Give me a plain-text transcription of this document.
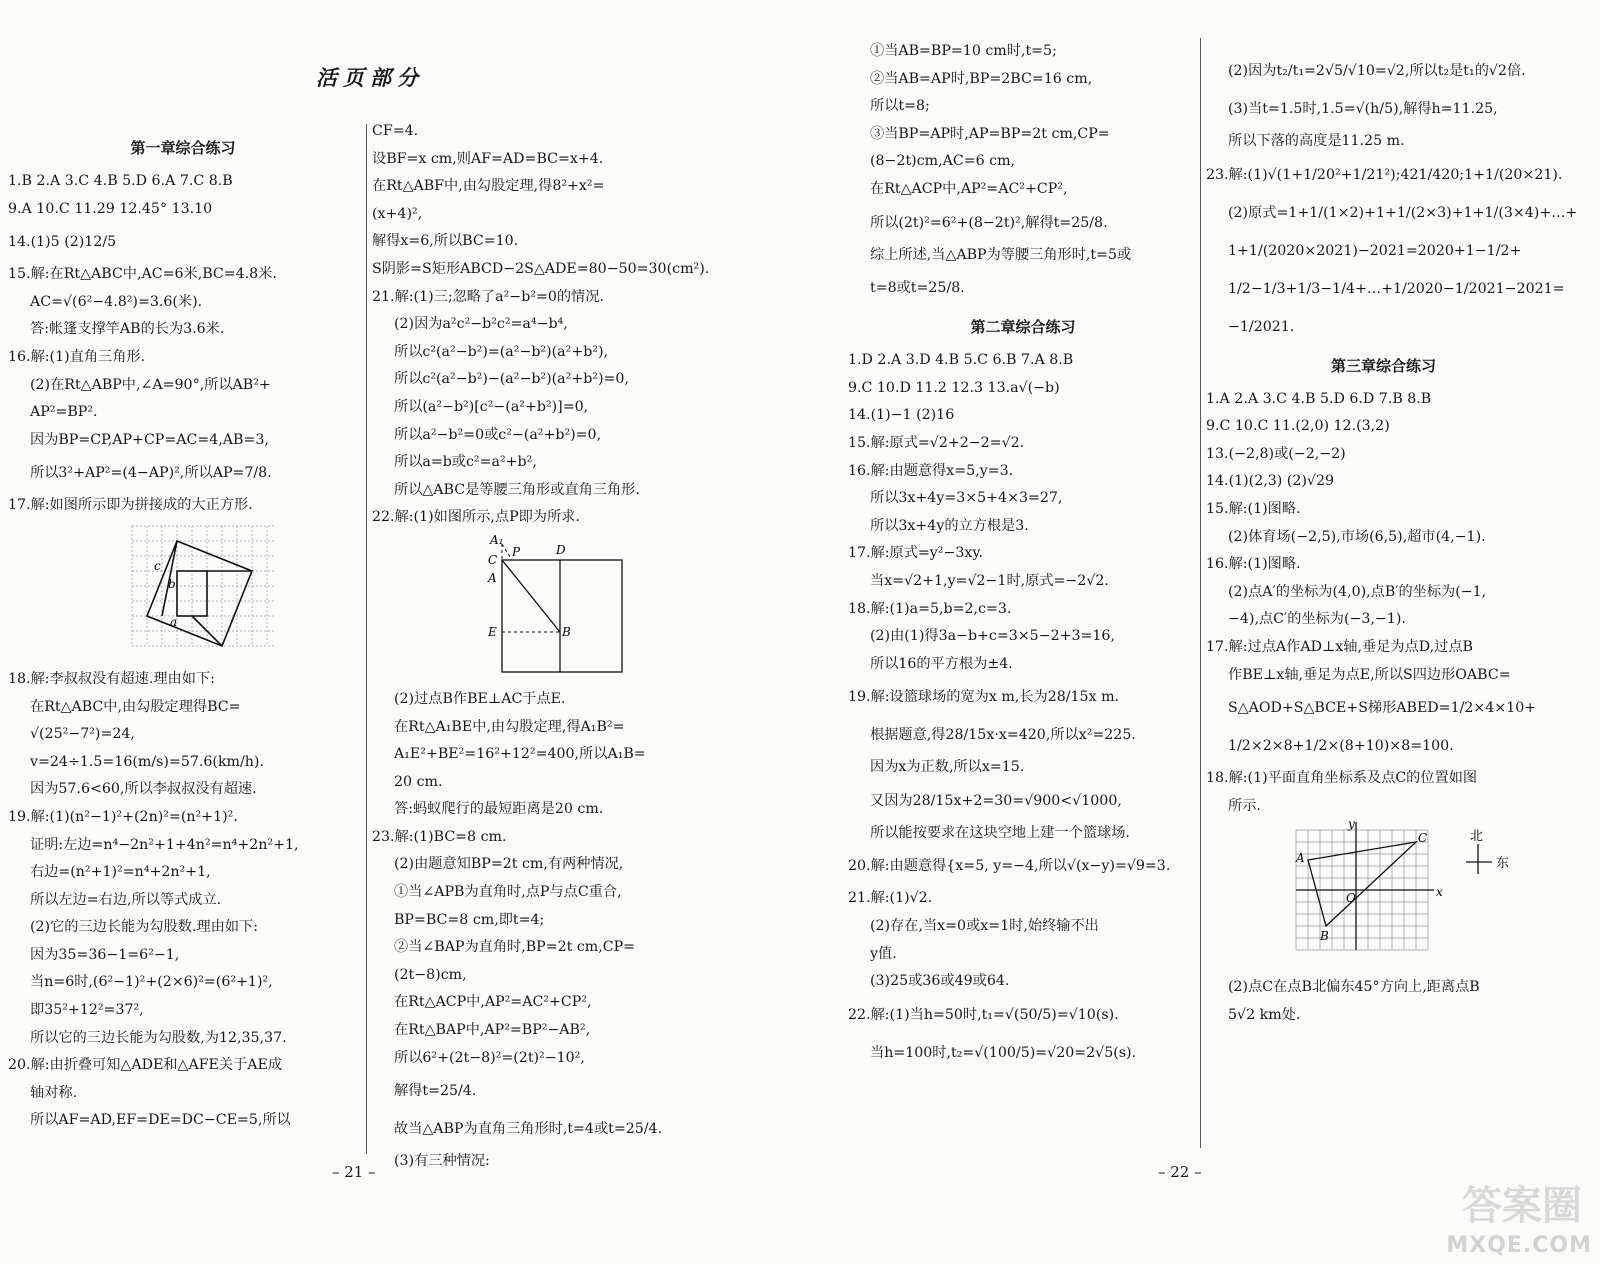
活页部分
第一章综合练习
1.B 2.A 3.C 4.B 5.D 6.A 7.C 8.B
9.A 10.C 11.29 12.45° 13.10
14.(1)5 (2)12/5
15.解:在Rt△ABC中,AC=6米,BC=4.8米.
AC=√(6²−4.8²)=3.6(米).
答:帐篷支撑竿AB的长为3.6米.
16.解:(1)直角三角形.
(2)在Rt△ABP中,∠A=90°,所以AB²+
AP²=BP².
因为BP=CP,AP+CP=AC=4,AB=3,
所以3²+AP²=(4−AP)²,所以AP=7/8.
17.解:如图所示即为拼接成的大正方形.
c
b
a
18.解:李叔叔没有超速.理由如下:
在Rt△ABC中,由勾股定理得BC=
√(25²−7²)=24,
v=24÷1.5=16(m/s)=57.6(km/h).
因为57.6<60,所以李叔叔没有超速.
19.解:(1)(n²−1)²+(2n)²=(n²+1)².
证明:左边=n⁴−2n²+1+4n²=n⁴+2n²+1,
右边=(n²+1)²=n⁴+2n²+1,
所以左边=右边,所以等式成立.
(2)它的三边长能为勾股数.理由如下:
因为35=36−1=6²−1,
当n=6时,(6²−1)²+(2×6)²=(6²+1)²,
即35²+12²=37²,
所以它的三边长能为勾股数,为12,35,37.
20.解:由折叠可知△ADE和△AFE关于AE成
轴对称.
所以AF=AD,EF=DE=DC−CE=5,所以
CF=4.
设BF=x cm,则AF=AD=BC=x+4.
在Rt△ABF中,由勾股定理,得8²+x²=
(x+4)²,
解得x=6,所以BC=10.
S阴影=S矩形ABCD−2S△ADE=80−50=30(cm²).
21.解:(1)三;忽略了a²−b²=0的情况.
(2)因为a²c²−b²c²=a⁴−b⁴,
所以c²(a²−b²)=(a²−b²)(a²+b²),
所以c²(a²−b²)−(a²−b²)(a²+b²)=0,
所以(a²−b²)[c²−(a²+b²)]=0,
所以a²−b²=0或c²−(a²+b²)=0,
所以a=b或c²=a²+b²,
所以△ABC是等腰三角形或直角三角形.
22.解:(1)如图所示,点P即为所求.
A₁
P	D
C
A
E	B
(2)过点B作BE⊥AC于点E.
在Rt△A₁BE中,由勾股定理,得A₁B²=
A₁E²+BE²=16²+12²=400,所以A₁B=
20 cm.
答:蚂蚁爬行的最短距离是20 cm.
23.解:(1)BC=8 cm.
(2)由题意知BP=2t cm,有两种情况,
①当∠APB为直角时,点P与点C重合,
BP=BC=8 cm,即t=4;
②当∠BAP为直角时,BP=2t cm,CP=
(2t−8)cm,
在Rt△ACP中,AP²=AC²+CP²,
在Rt△BAP中,AP²=BP²−AB²,
所以6²+(2t−8)²=(2t)²−10²,
解得t=25/4.
故当△ABP为直角三角形时,t=4或t=25/4.
(3)有三种情况:
– 21 –
①当AB=BP=10 cm时,t=5;
②当AB=AP时,BP=2BC=16 cm,
所以t=8;
③当BP=AP时,AP=BP=2t cm,CP=
(8−2t)cm,AC=6 cm,
在Rt△ACP中,AP²=AC²+CP²,
所以(2t)²=6²+(8−2t)²,解得t=25/8.
综上所述,当△ABP为等腰三角形时,t=5或
t=8或t=25/8.
第二章综合练习
1.D 2.A 3.D 4.B 5.C 6.B 7.A 8.B
9.C 10.D 11.2 12.3 13.a√(−b)
14.(1)−1 (2)16
15.解:原式=√2+2−2=√2.
16.解:由题意得x=5,y=3.
所以3x+4y=3×5+4×3=27,
所以3x+4y的立方根是3.
17.解:原式=y²−3xy.
当x=√2+1,y=√2−1时,原式=−2√2.
18.解:(1)a=5,b=2,c=3.
(2)由(1)得3a−b+c=3×5−2+3=16,
所以16的平方根为±4.
19.解:设篮球场的宽为x m,长为28/15x m.
根据题意,得28/15x·x=420,所以x²=225.
因为x为正数,所以x=15.
又因为28/15x+2=30=√900<√1000,
所以能按要求在这块空地上建一个篮球场.
20.解:由题意得{x=5, y=−4,所以√(x−y)=√9=3.
21.解:(1)√2.
(2)存在,当x=0或x=1时,始终输不出
y值.
(3)25或36或49或64.
22.解:(1)当h=50时,t₁=√(50/5)=√10(s).
当h=100时,t₂=√(100/5)=√20=2√5(s).
(2)因为t₂/t₁=2√5/√10=√2,所以t₂是t₁的√2倍.
(3)当t=1.5时,1.5=√(h/5),解得h=11.25,
所以下落的高度是11.25 m.
23.解:(1)√(1+1/20²+1/21²);421/420;1+1/(20×21).
(2)原式=1+1/(1×2)+1+1/(2×3)+1+1/(3×4)+…+
1+1/(2020×2021)−2021=2020+1−1/2+
1/2−1/3+1/3−1/4+…+1/2020−1/2021−2021=
−1/2021.
第三章综合练习
1.A 2.A 3.C 4.B 5.D 6.D 7.B 8.B
9.C 10.C 11.(2,0) 12.(3,2)
13.(−2,8)或(−2,−2)
14.(1)(2,3) (2)√29
15.解:(1)图略.
(2)体育场(−2,5),市场(6,5),超市(4,−1).
16.解:(1)图略.
(2)点A′的坐标为(4,0),点B′的坐标为(−1,
−4),点C′的坐标为(−3,−1).
17.解:过点A作AD⊥x轴,垂足为点D,过点B
作BE⊥x轴,垂足为点E,所以S四边形OABC=
S△AOD+S△BCE+S梯形ABED=1/2×4×10+
1/2×2×8+1/2×(8+10)×8=100.
18.解:(1)平面直角坐标系及点C的位置如图
所示.
y
x
O
A
B
C	北
东
(2)点C在点B北偏东45°方向上,距离点B
5√2 km处.
– 22 –
答案圈
MXQE.COM
